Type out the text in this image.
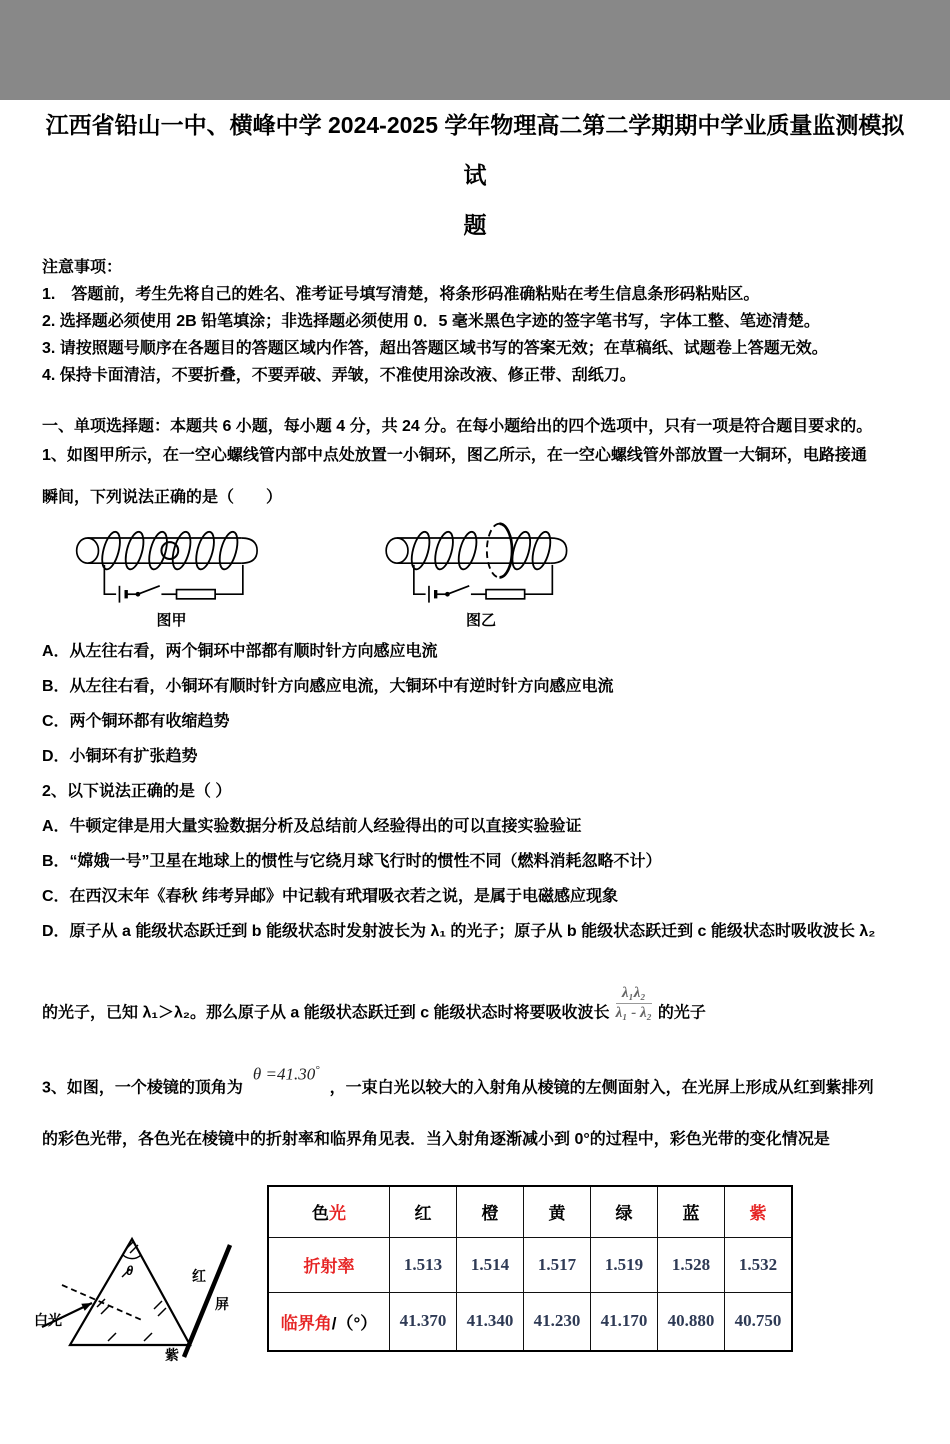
江西省铅山一中、横峰中学 2024-2025 学年物理高二第二学期期中学业质量监测模拟试
题
注意事项：
1.　答题前，考生先将自己的姓名、准考证号填写清楚，将条形码准确粘贴在考生信息条形码粘贴区。
2. 选择题必须使用 2B 铅笔填涂；非选择题必须使用 0．5 毫米黑色字迹的签字笔书写，字体工整、笔迹清楚。
3. 请按照题号顺序在各题目的答题区域内作答，超出答题区域书写的答案无效；在草稿纸、试题卷上答题无效。
4. 保持卡面清洁，不要折叠，不要弄破、弄皱，不准使用涂改液、修正带、刮纸刀。
一、单项选择题：本题共 6 小题，每小题 4 分，共 24 分。在每小题给出的四个选项中，只有一项是符合题目要求的。
1、如图甲所示，在一空心螺线管内部中点处放置一小铜环，图乙所示，在一空心螺线管外部放置一大铜环，电路接通
瞬间，下列说法正确的是（　　）
图甲	图乙
A．从左往右看，两个铜环中部都有顺时针方向感应电流
B．从左往右看，小铜环有顺时针方向感应电流，大铜环中有逆时针方向感应电流
C．两个铜环都有收缩趋势
D．小铜环有扩张趋势
2、以下说法正确的是（ ）
A．牛顿定律是用大量实验数据分析及总结前人经验得出的可以直接实验验证
B．“嫦娥一号”卫星在地球上的惯性与它绕月球飞行时的惯性不同（燃料消耗忽略不计）
C．在西汉末年《春秋 纬考异邮》中记载有玳瑁吸衣若之说，是属于电磁感应现象
D．原子从 a 能级状态跃迁到 b 能级状态时发射波长为 λ₁ 的光子；原子从 b 能级状态跃迁到 c 能级状态时吸收波长 λ₂
的光子，已知 λ₁＞λ₂。那么原子从 a 能级状态跃迁到 c 能级状态时将要吸收波长 $\frac{\text{λ₁λ₂}}{\text{λ₁ - λ₂}}$ 的光子
3、如图，一个棱镜的顶角为θ =41.30°，一束白光以较大的入射角从棱镜的左侧面射入，在光屏上形成从红到紫排列
的彩色光带，各色光在棱镜中的折射率和临界角见表．当入射角逐渐减小到 0°的过程中，彩色光带的变化情况是
θ
白光
红
屏
紫
色光	红	橙	黄	绿	蓝	紫
折射率	1.513	1.514	1.517	1.519	1.528	1.532
临界角/（°）	41.370	41.340	41.230	41.170	40.880	40.750
